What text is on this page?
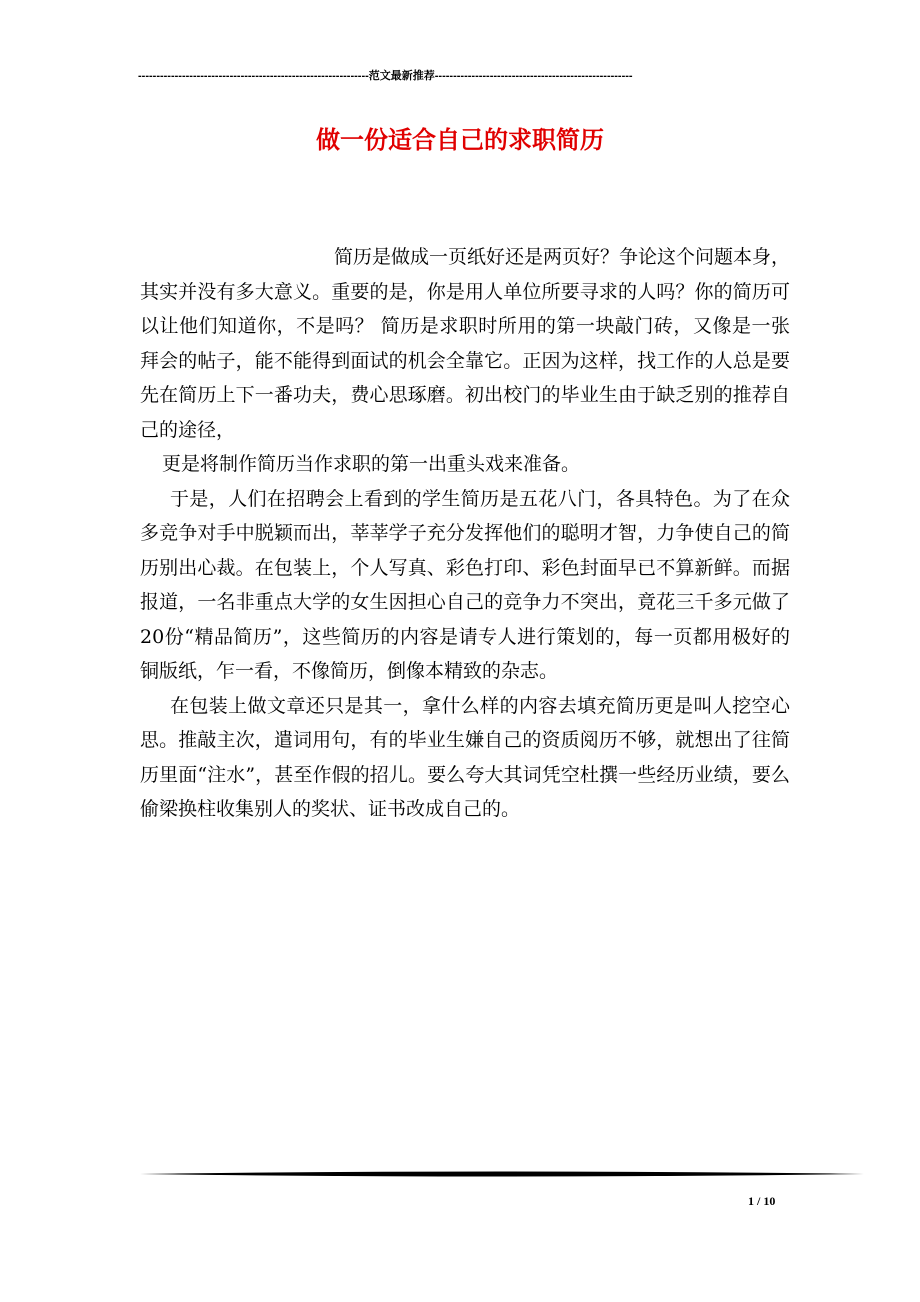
---------------------------------------------------------------范文最新推荐------------------------------------------------------
做一份适合自己的求职简历

简历是做成一页纸好还是两页好？争论这个问题本身，其实并没有多大意义。重要的是，你是用人单位所要寻求的人吗？你的简历可以让他们知道你，不是吗？ 简历是求职时所用的第一块敲门砖，又像是一张拜会的帖子，能不能得到面试的机会全靠它。正因为这样，找工作的人总是要先在简历上下一番功夫，费心思琢磨。初出校门的毕业生由于缺乏别的推荐自己的途径，

更是将制作简历当作求职的第一出重头戏来准备。

于是，人们在招聘会上看到的学生简历是五花八门，各具特色。为了在众多竞争对手中脱颖而出，莘莘学子充分发挥他们的聪明才智，力争使自己的简历别出心裁。在包装上，个人写真、彩色打印、彩色封面早已不算新鲜。而据报道，一名非重点大学的女生因担心自己的竞争力不突出，竟花三千多元做了20份“精品简历”，这些简历的内容是请专人进行策划的，每一页都用极好的铜版纸，乍一看，不像简历，倒像本精致的杂志。

在包装上做文章还只是其一，拿什么样的内容去填充简历更是叫人挖空心思。推敲主次，遣词用句，有的毕业生嫌自己的资质阅历不够，就想出了往简历里面“注水”，甚至作假的招儿。要么夸大其词凭空杜撰一些经历业绩，要么偷梁换柱收集别人的奖状、证书改成自己的。

1 / 10
